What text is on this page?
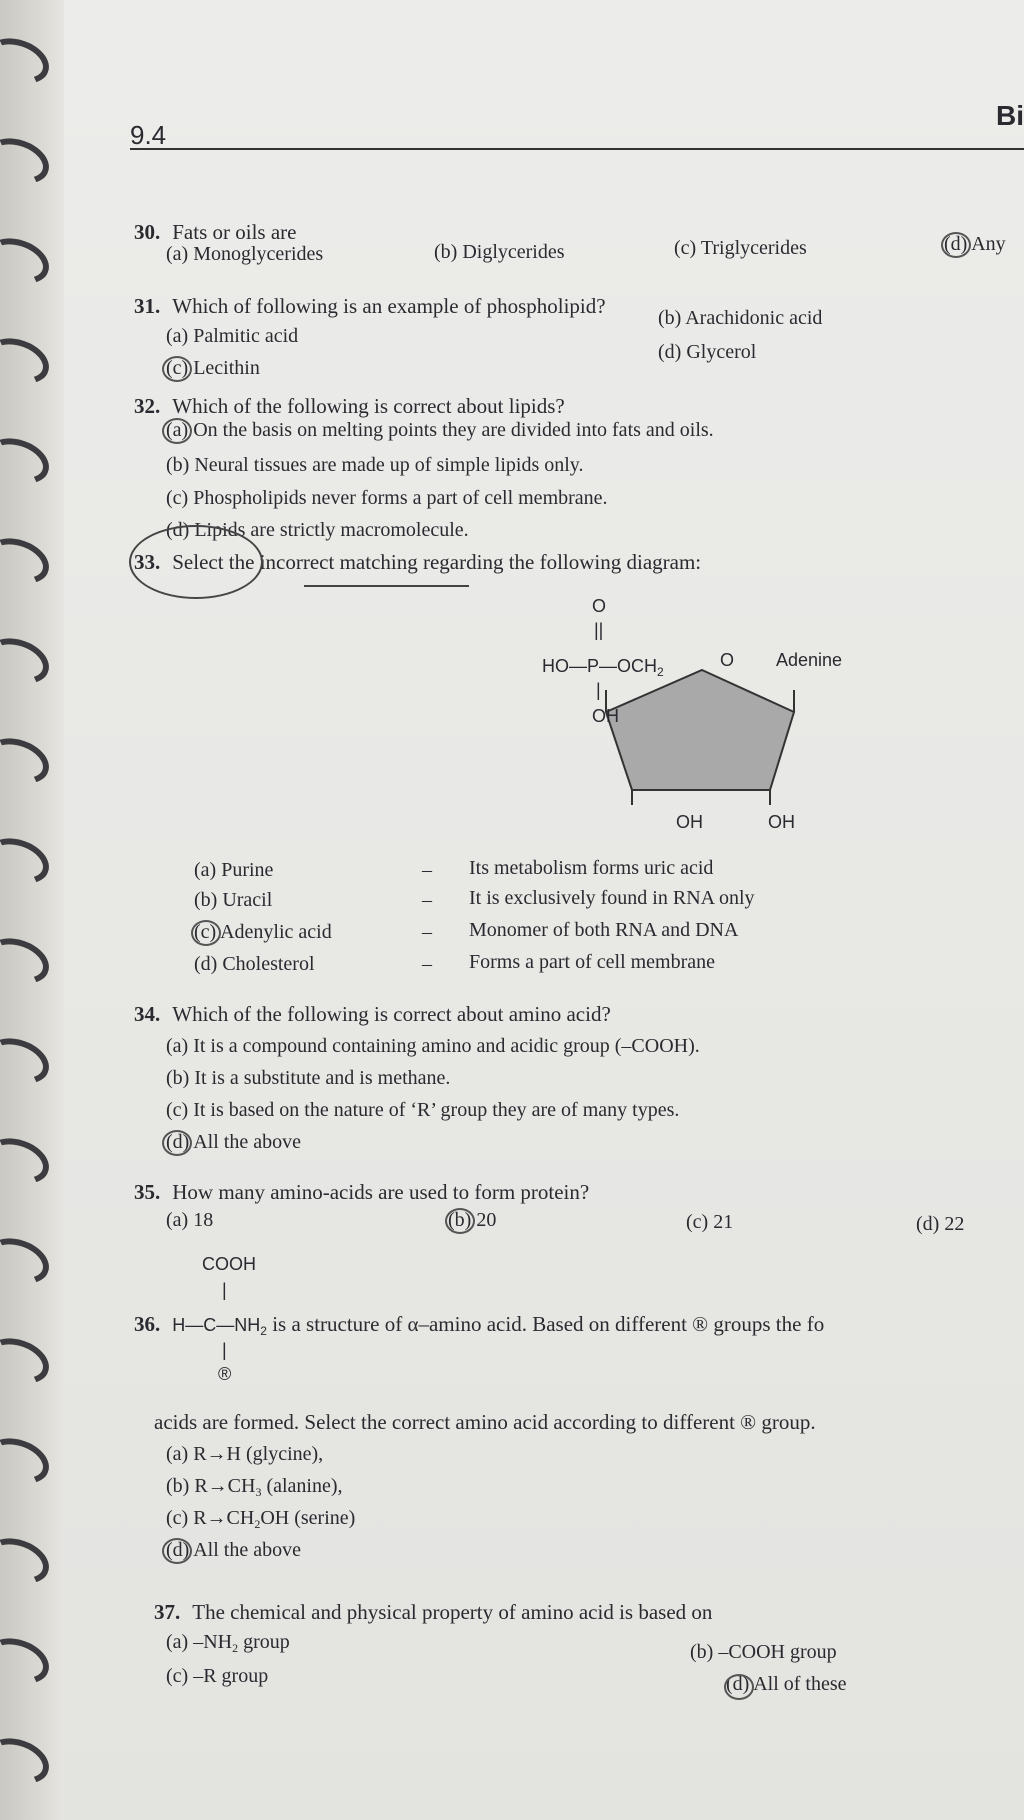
9.4
Bi
30. Fats or oils are
(a) Monoglycerides	(b) Diglycerides	(c) Triglycerides	(d) Any
31. Which of following is an example of phospholipid?
(a) Palmitic acid
(b) Arachidonic acid
(c) Lecithin
(d) Glycerol
32. Which of the following is correct about lipids?
(a) On the basis on melting points they are divided into fats and oils.
(b) Neural tissues are made up of simple lipids only.
(c) Phospholipids never forms a part of cell membrane.
(d) Lipids are strictly macromolecule.
33. Select the incorrect matching regarding the following diagram:
O
||
$HO—P—OCH_2$
O Adenine
|
OH
OH	OH
(a) Purine	– Its metabolism forms uric acid
(b) Uracil	– It is exclusively found in RNA only
(c) Adenylic acid	– Monomer of both RNA and DNA
(d) Cholesterol	– Forms a part of cell membrane
34. Which of the following is correct about amino acid?
(a) It is a compound containing amino and acidic group (–COOH).
(b) It is a substitute and is methane.
(c) It is based on the nature of ‘R’ group they are of many types.
(d) All the above
35. How many amino-acids are used to form protein?
(a) 18	(b) 20	(c) 21	(d) 22
COOH
|
36. $H—C—NH_2$ is a structure of α–amino acid. Based on different ® groups the fo
|
®
acids are formed. Select the correct amino acid according to different ® group.
(a) R→H (glycine),
(b) $R\to CH_3$ (alanine),
(c) $R\to CH_2OH$ (serine)
(d) All the above
37. The chemical and physical property of amino acid is based on
(a) $-NH_2$ group	(b) –COOH group
(c) –R group	(d) All of these
